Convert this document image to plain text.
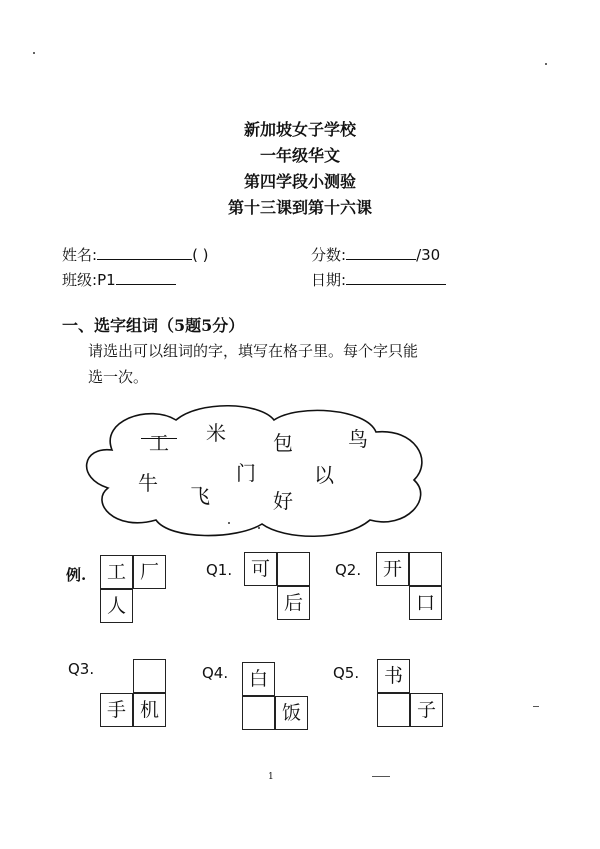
新加坡女子学校
一年级华文
第四学段小测验
第十三课到第十六课
姓名:	( )	分数:	/30
班级:P1	日期:
一、选字组词（5题5分）
请选出可以组词的字，填写在格子里。每个字只能
选一次。
工 米 包	鸟
牛
飞
门	以
好
例.	工 厂
人
Q1. 可
后
Q2.	开
口
Q3.
手 机
Q4.	白
饭
Q5.	书
子
1
